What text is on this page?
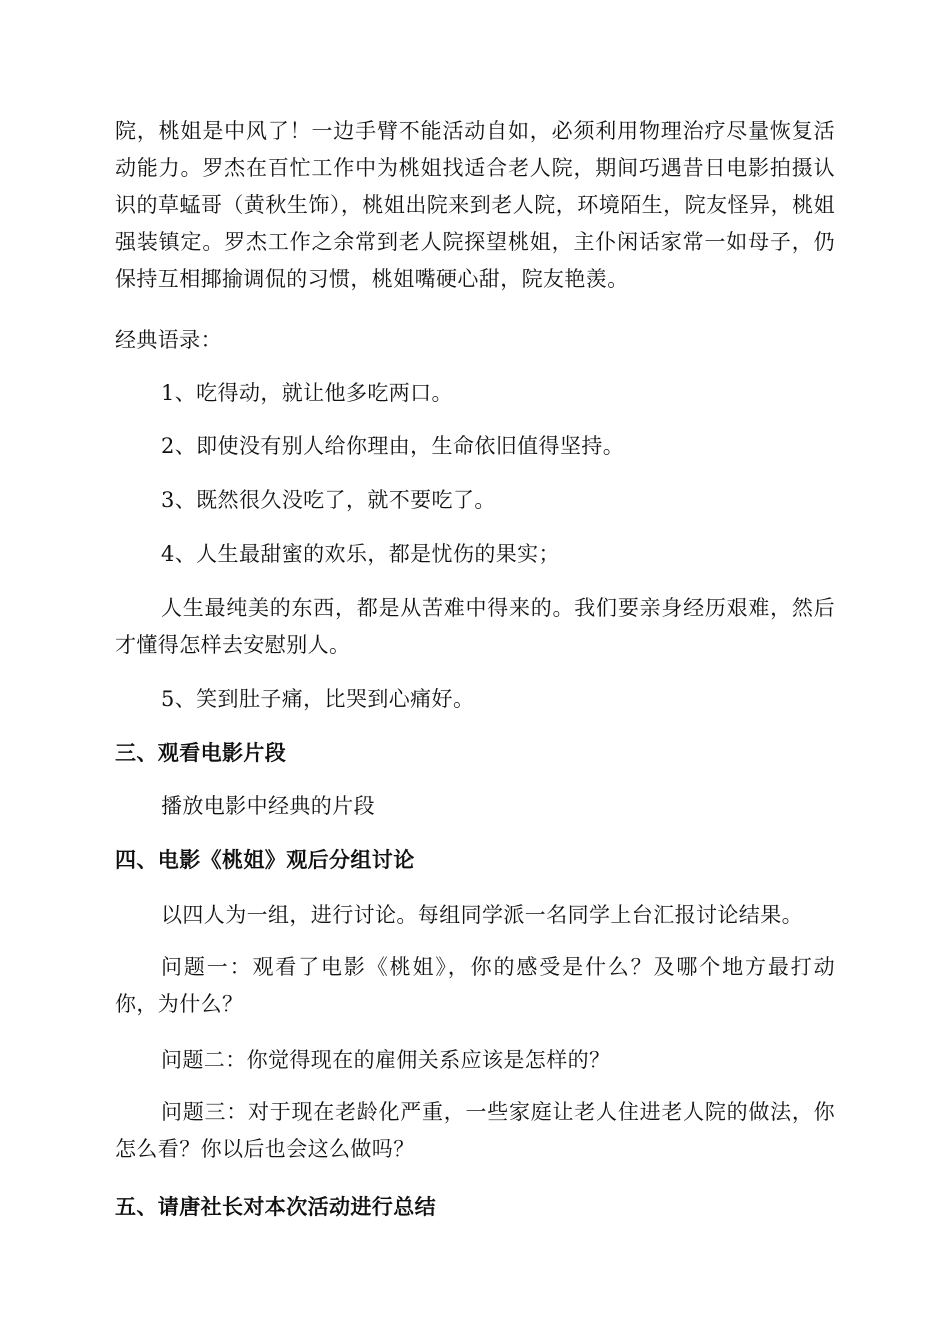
院，桃姐是中风了！一边手臂不能活动自如，必须利用物理治疗尽量恢复活动能力。罗杰在百忙工作中为桃姐找适合老人院，期间巧遇昔日电影拍摄认识的草蜢哥（黄秋生饰），桃姐出院来到老人院，环境陌生，院友怪异，桃姐强装镇定。罗杰工作之余常到老人院探望桃姐，主仆闲话家常一如母子，仍保持互相揶揄调侃的习惯，桃姐嘴硬心甜，院友艳羡。

经典语录：

1、吃得动，就让他多吃两口。

2、即使没有别人给你理由，生命依旧值得坚持。

3、既然很久没吃了，就不要吃了。

4、人生最甜蜜的欢乐，都是忧伤的果实；

人生最纯美的东西，都是从苦难中得来的。我们要亲身经历艰难，然后才懂得怎样去安慰别人。

5、笑到肚子痛，比哭到心痛好。

三、观看电影片段

播放电影中经典的片段

四、电影《桃姐》观后分组讨论

以四人为一组，进行讨论。每组同学派一名同学上台汇报讨论结果。

问题一：观看了电影《桃姐》，你的感受是什么？及哪个地方最打动你，为什么？

问题二：你觉得现在的雇佣关系应该是怎样的？

问题三：对于现在老龄化严重，一些家庭让老人住进老人院的做法，你怎么看？你以后也会这么做吗？

五、请唐社长对本次活动进行总结
